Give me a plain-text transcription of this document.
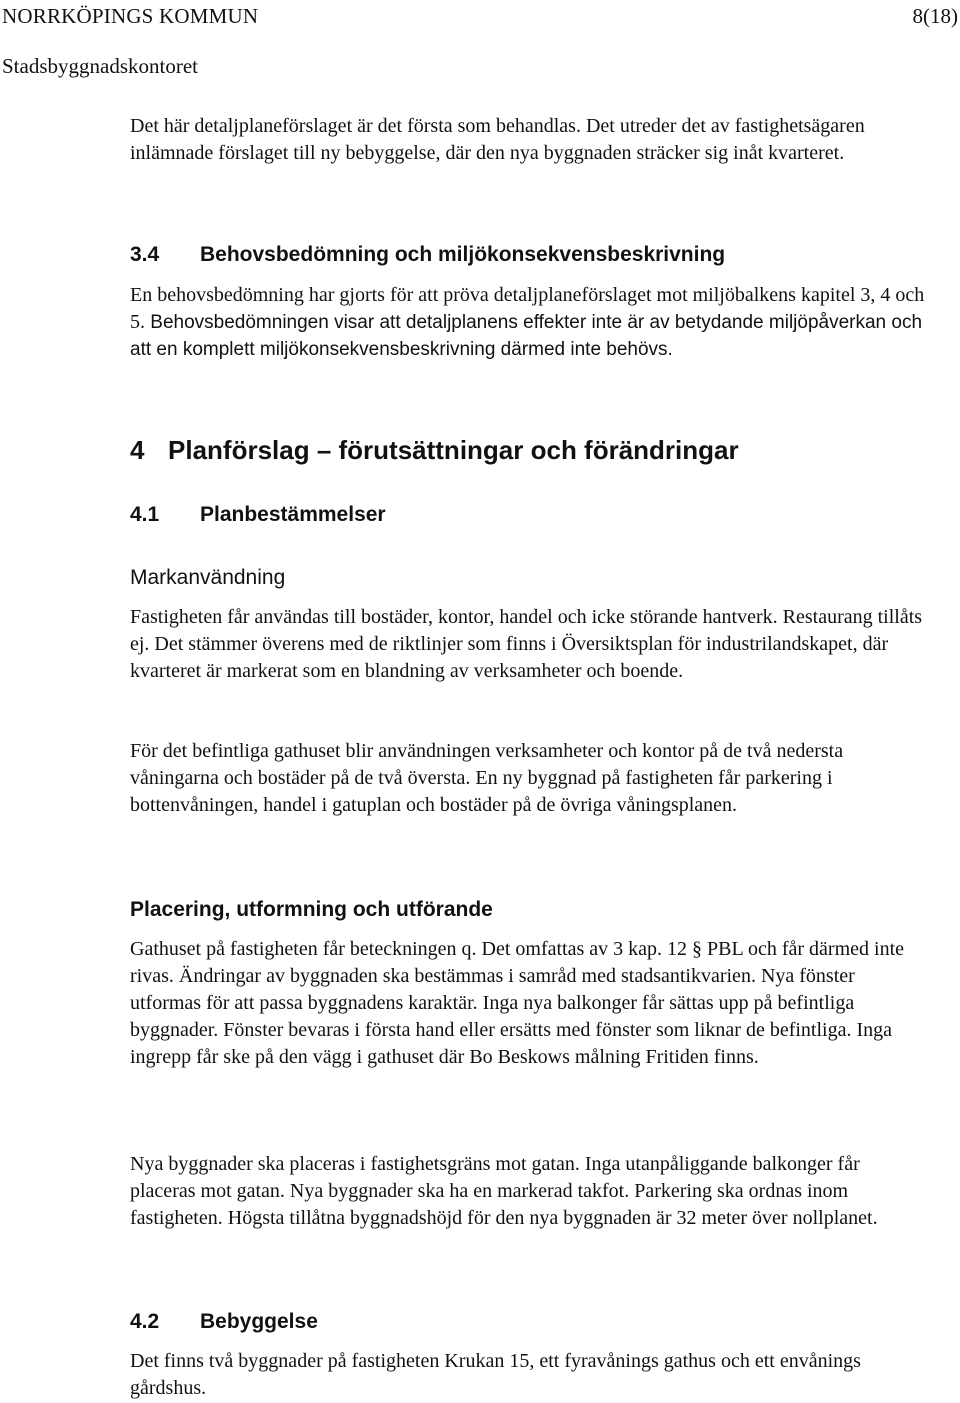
NORRKÖPINGS KOMMUN	8(18)
Stadsbyggnadskontoret

Det här detaljplaneförslaget är det första som behandlas. Det utreder det av fastighetsägaren inlämnade förslaget till ny bebyggelse, där den nya byggnaden sträcker sig inåt kvarteret.

3.4 Behovsbedömning och miljökonsekvensbeskrivning

En behovsbedömning har gjorts för att pröva detaljplaneförslaget mot miljöbalkens kapitel 3, 4 och 5. Behovsbedömningen visar att detaljplanens effekter inte är av betydande miljöpåverkan och att en komplett miljökonsekvensbeskrivning därmed inte behövs.

4 Planförslag – förutsättningar och förändringar
4.1 Planbestämmelser
Markanvändning

Fastigheten får användas till bostäder, kontor, handel och icke störande hantverk. Restaurang tillåts ej. Det stämmer överens med de riktlinjer som finns i Översiktsplan för industrilandskapet, där kvarteret är markerat som en blandning av verksamheter och boende.

För det befintliga gathuset blir användningen verksamheter och kontor på de två nedersta våningarna och bostäder på de två översta. En ny byggnad på fastigheten får parkering i bottenvåningen, handel i gatuplan och bostäder på de övriga våningsplanen.

Placering, utformning och utförande

Gathuset på fastigheten får beteckningen q. Det omfattas av 3 kap. 12 § PBL och får därmed inte rivas. Ändringar av byggnaden ska bestämmas i samråd med stadsantikvarien. Nya fönster utformas för att passa byggnadens karaktär. Inga nya balkonger får sättas upp på befintliga byggnader. Fönster bevaras i första hand eller ersätts med fönster som liknar de befintliga. Inga ingrepp får ske på den vägg i gathuset där Bo Beskows målning Fritiden finns.

Nya byggnader ska placeras i fastighetsgräns mot gatan. Inga utanpåliggande balkonger får placeras mot gatan. Nya byggnader ska ha en markerad takfot. Parkering ska ordnas inom fastigheten. Högsta tillåtna byggnadshöjd för den nya byggnaden är 32 meter över nollplanet.

4.2 Bebyggelse

Det finns två byggnader på fastigheten Krukan 15, ett fyravånings gathus och ett envånings gårdshus.
